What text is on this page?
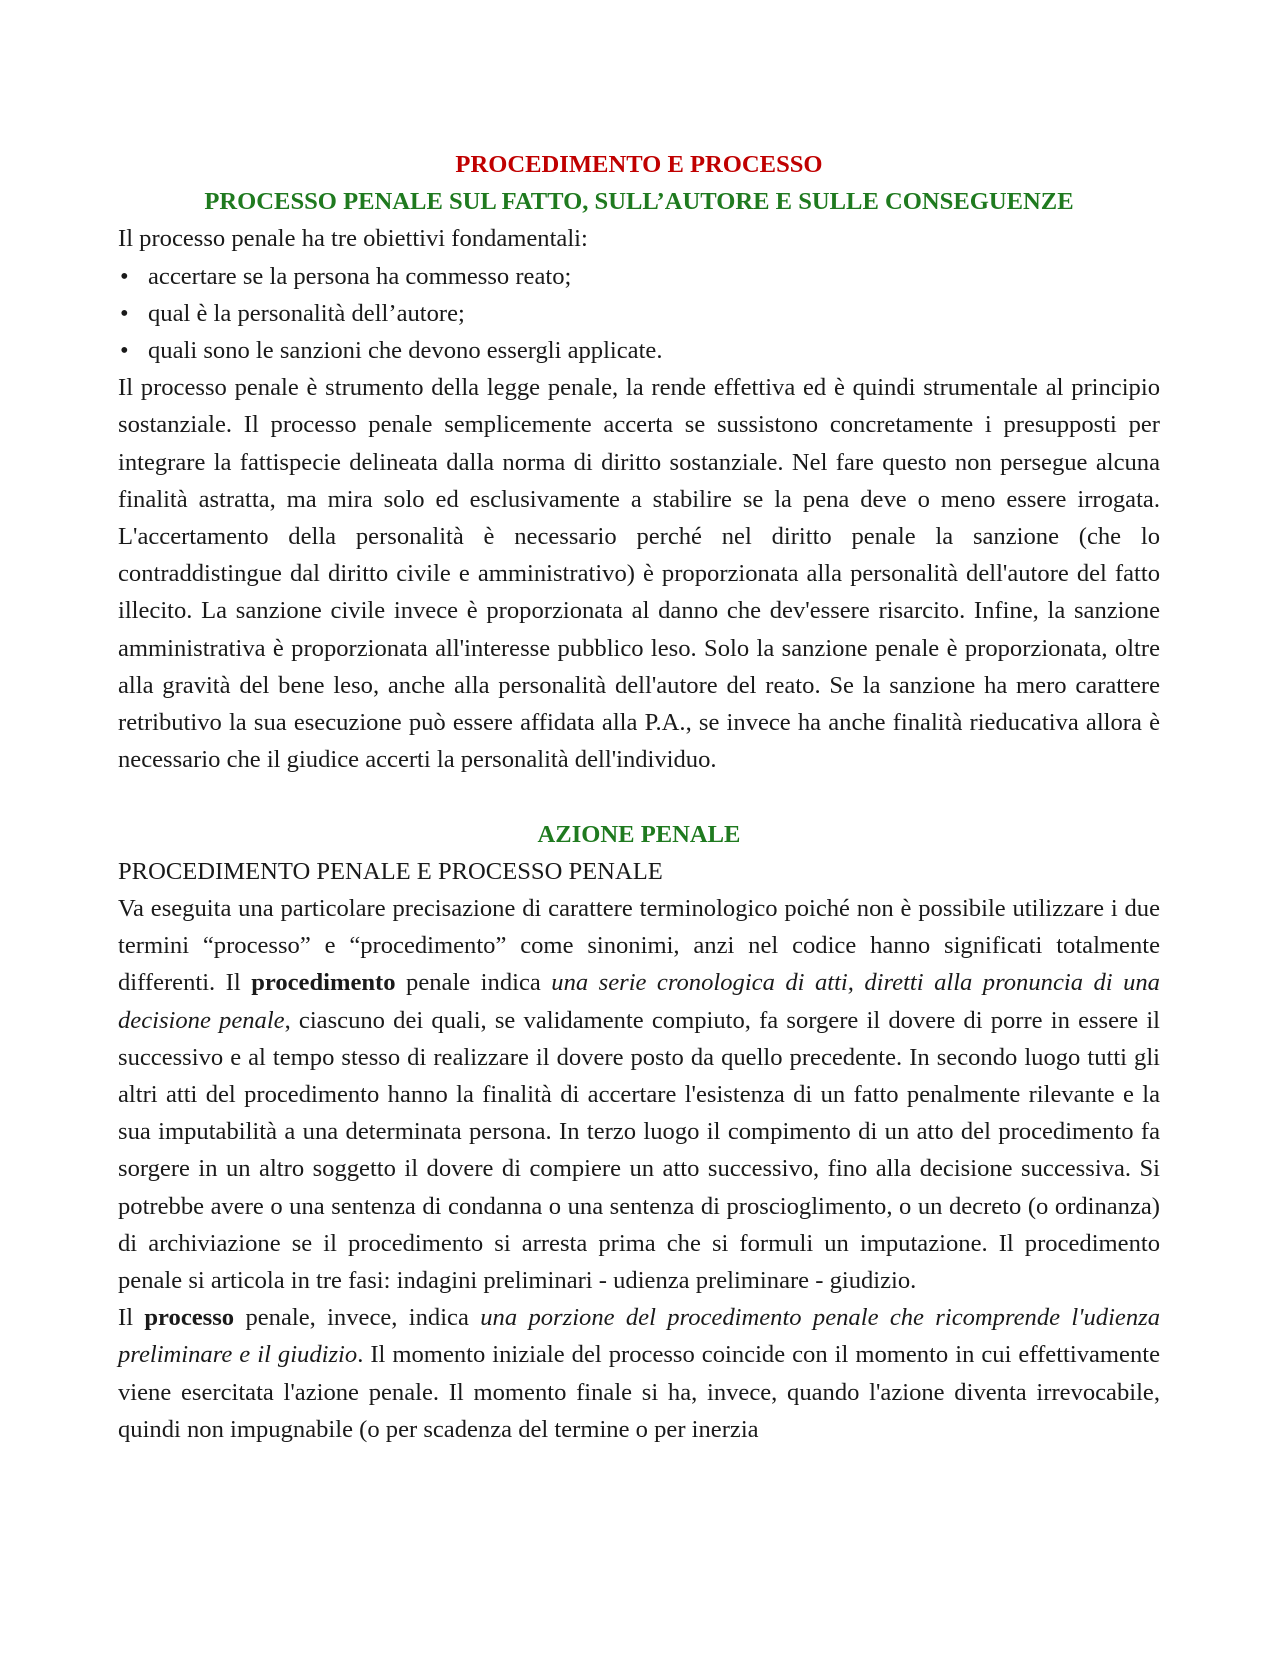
PROCEDIMENTO E PROCESSO
PROCESSO PENALE SUL FATTO, SULL’AUTORE E SULLE CONSEGUENZE

Il processo penale ha tre obiettivi fondamentali:

• accertare se la persona ha commesso reato;
• qual è la personalità dell’autore;
• quali sono le sanzioni che devono essergli applicate.

Il processo penale è strumento della legge penale, la rende effettiva ed è quindi strumentale al principio sostanziale. Il processo penale semplicemente accerta se sussistono concretamente i presupposti per integrare la fattispecie delineata dalla norma di diritto sostanziale. Nel fare questo non persegue alcuna finalità astratta, ma mira solo ed esclusivamente a stabilire se la pena deve o meno essere irrogata. L'accertamento della personalità è necessario perché nel diritto penale la sanzione (che lo contraddistingue dal diritto civile e amministrativo) è proporzionata alla personalità dell'autore del fatto illecito. La sanzione civile invece è proporzionata al danno che dev'essere risarcito. Infine, la sanzione amministrativa è proporzionata all'interesse pubblico leso. Solo la sanzione penale è proporzionata, oltre alla gravità del bene leso, anche alla personalità dell'autore del reato. Se la sanzione ha mero carattere retributivo la sua esecuzione può essere affidata alla P.A., se invece ha anche finalità rieducativa allora è necessario che il giudice accerti la personalità dell'individuo.

AZIONE PENALE

PROCEDIMENTO PENALE E PROCESSO PENALE

Va eseguita una particolare precisazione di carattere terminologico poiché non è possibile utilizzare i due termini “processo” e “procedimento” come sinonimi, anzi nel codice hanno significati totalmente differenti. Il procedimento penale indica una serie cronologica di atti, diretti alla pronuncia di una decisione penale, ciascuno dei quali, se validamente compiuto, fa sorgere il dovere di porre in essere il successivo e al tempo stesso di realizzare il dovere posto da quello precedente. In secondo luogo tutti gli altri atti del procedimento hanno la finalità di accertare l'esistenza di un fatto penalmente rilevante e la sua imputabilità a una determinata persona. In terzo luogo il compimento di un atto del procedimento fa sorgere in un altro soggetto il dovere di compiere un atto successivo, fino alla decisione successiva. Si potrebbe avere o una sentenza di condanna o una sentenza di proscioglimento, o un decreto (o ordinanza) di archiviazione se il procedimento si arresta prima che si formuli un imputazione. Il procedimento penale si articola in tre fasi: indagini preliminari - udienza preliminare - giudizio.

Il processo penale, invece, indica una porzione del procedimento penale che ricomprende l'udienza preliminare e il giudizio. Il momento iniziale del processo coincide con il momento in cui effettivamente viene esercitata l'azione penale. Il momento finale si ha, invece, quando l'azione diventa irrevocabile, quindi non impugnabile (o per scadenza del termine o per inerzia
